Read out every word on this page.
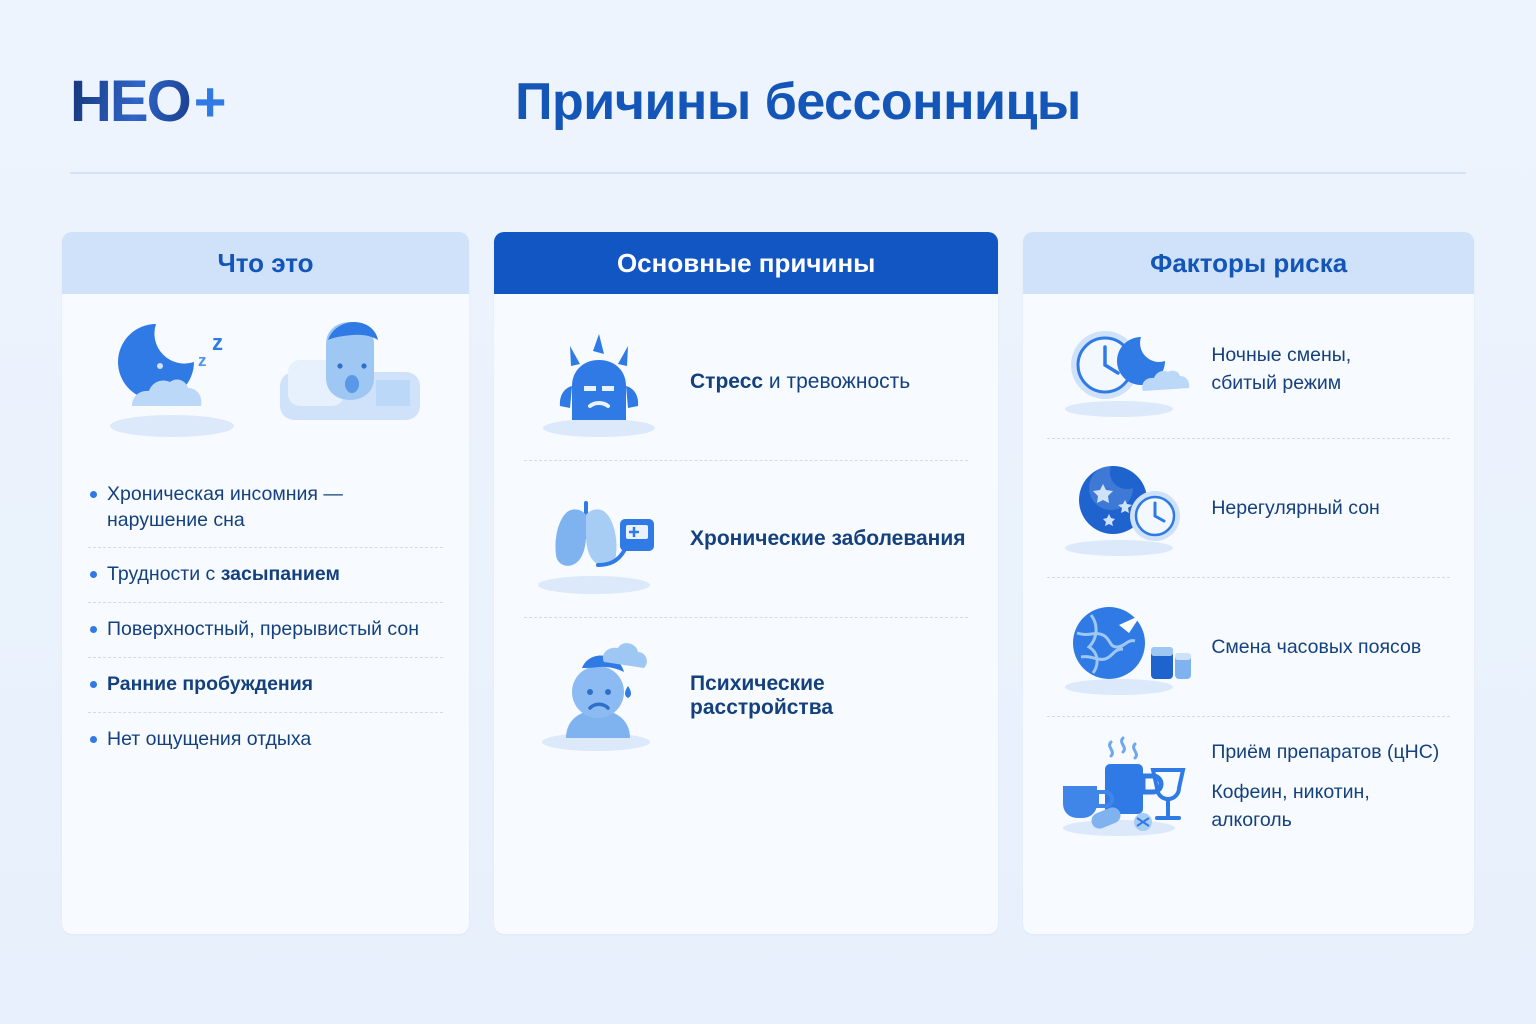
HEO +	Причины бессонницы
Что это
z
z
Хроническая инсомния — нарушение сна
Трудности с засыпанием
Поверхностный, прерывистый сон
Ранние пробуждения
Нет ощущения отдыха
Основные причины
Стресс и тревожность
Хронические заболевания
Психические расстройства
Факторы риска
Ночные смены,
сбитый режим
Нерегулярный сон
Смена часовых поясов
Приём препаратов (цНС)
Кофеин, никотин, алкоголь
